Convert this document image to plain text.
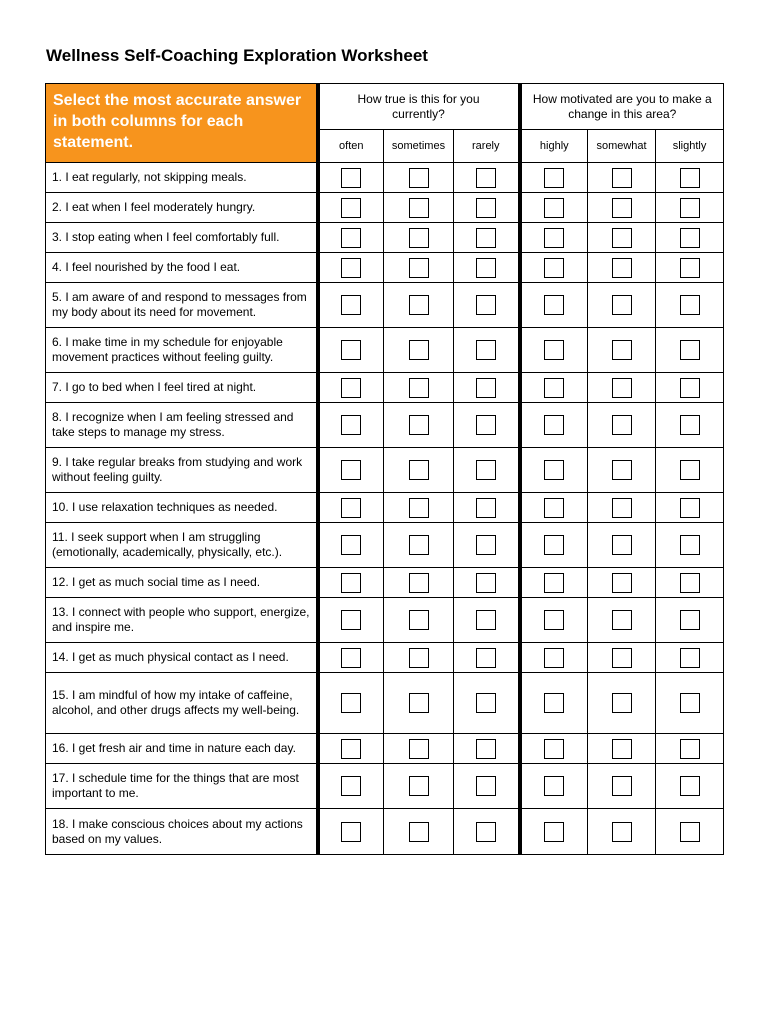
Wellness Self-Coaching Exploration Worksheet
Select the most accurate answer in both columns for each statement.	How true is this for you currently?			How motivated are you to make a change in this area?		
	often	sometimes	rarely	highly	somewhat	slightly
1. I eat regularly, not skipping meals.						
2. I eat when I feel moderately hungry.						
3. I stop eating when I feel comfortably full.						
4. I feel nourished by the food I eat.						
5. I am aware of and respond to messages from my body about its need for movement.						
6. I make time in my schedule for enjoyable movement practices without feeling guilty.						
7. I go to bed when I feel tired at night.						
8. I recognize when I am feeling stressed and take steps to manage my stress.						
9. I take regular breaks from studying and work without feeling guilty.						
10. I use relaxation techniques as needed.						
11. I seek support when I am struggling (emotionally, academically, physically, etc.).						
12. I get as much social time as I need.						
13. I connect with people who support, energize, and inspire me.						
14. I get as much physical contact as I need.						
15. I am mindful of how my intake of caffeine, alcohol, and other drugs affects my well-being.						
16. I get fresh air and time in nature each day.						
17. I schedule time for the things that are most important to me.						
18. I make conscious choices about my actions based on my values.						
